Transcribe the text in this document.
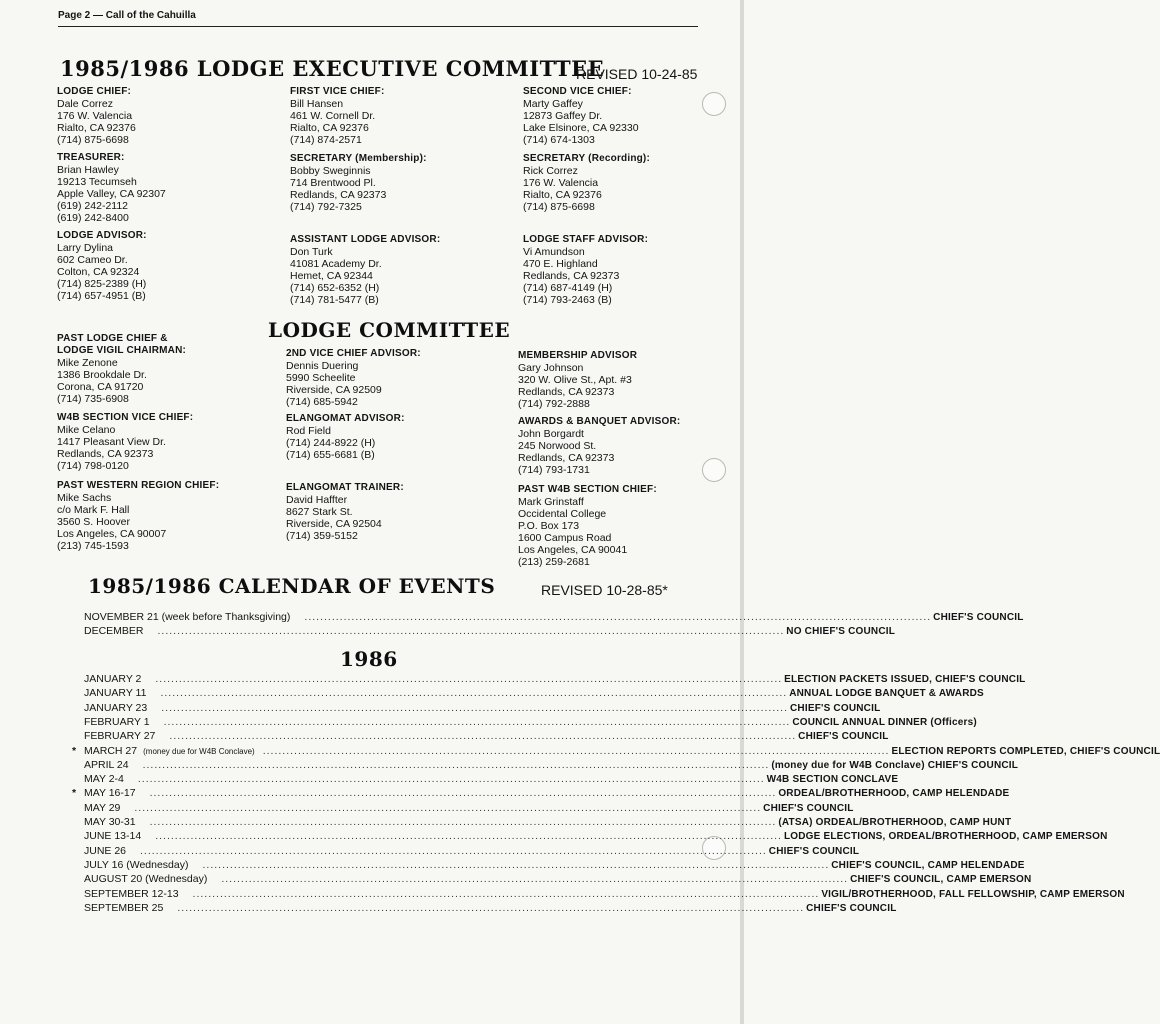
Page 2 — Call of the Cahuilla
1985/1986 LODGE EXECUTIVE COMMITTEE
REVISED 10-24-85
LODGE CHIEF:
Dale Correz
176 W. Valencia
Rialto, CA 92376
(714) 875-6698
FIRST VICE CHIEF:
Bill Hansen
461 W. Cornell Dr.
Rialto, CA 92376
(714) 874-2571
SECOND VICE CHIEF:
Marty Gaffey
12873 Gaffey Dr.
Lake Elsinore, CA 92330
(714) 674-1303
TREASURER:
Brian Hawley
19213 Tecumseh
Apple Valley, CA 92307
(619) 242-2112
(619) 242-8400
SECRETARY (Membership):
Bobby Sweginnis
714 Brentwood Pl.
Redlands, CA 92373
(714) 792-7325
SECRETARY (Recording):
Rick Correz
176 W. Valencia
Rialto, CA 92376
(714) 875-6698
LODGE ADVISOR:
Larry Dylina
602 Cameo Dr.
Colton, CA 92324
(714) 825-2389 (H)
(714) 657-4951 (B)
ASSISTANT LODGE ADVISOR:
Don Turk
41081 Academy Dr.
Hemet, CA 92344
(714) 652-6352 (H)
(714) 781-5477 (B)
LODGE STAFF ADVISOR:
Vi Amundson
470 E. Highland
Redlands, CA 92373
(714) 687-4149 (H)
(714) 793-2463 (B)
LODGE COMMITTEE
PAST LODGE CHIEF &
LODGE VIGIL CHAIRMAN:
Mike Zenone
1386 Brookdale Dr.
Corona, CA 91720
(714) 735-6908
2ND VICE CHIEF ADVISOR:
Dennis Duering
5990 Scheelite
Riverside, CA 92509
(714) 685-5942
MEMBERSHIP ADVISOR
Gary Johnson
320 W. Olive St., Apt. #3
Redlands, CA 92373
(714) 792-2888
W4B SECTION VICE CHIEF:
Mike Celano
1417 Pleasant View Dr.
Redlands, CA 92373
(714) 798-0120
ELANGOMAT ADVISOR:
Rod Field
(714) 244-8922 (H)
(714) 655-6681 (B)
AWARDS & BANQUET ADVISOR:
John Borgardt
245 Norwood St.
Redlands, CA 92373
(714) 793-1731
PAST WESTERN REGION CHIEF:
Mike Sachs
c/o Mark F. Hall
3560 S. Hoover
Los Angeles, CA 90007
(213) 745-1593
ELANGOMAT TRAINER:
David Haffter
8627 Stark St.
Riverside, CA 92504
(714) 359-5152
PAST W4B SECTION CHIEF:
Mark Grinstaff
Occidental College
P.O. Box 173
1600 Campus Road
Los Angeles, CA 90041
(213) 259-2681
1985/1986 CALENDAR OF EVENTS	REVISED 10-28-85*
NOVEMBER 21 (week before Thanksgiving) ................................................................................................................................................................ CHIEF'S COUNCIL
DECEMBER ................................................................................................................................................................ NO CHIEF'S COUNCIL
1986
JANUARY 2 ................................................................................................................................................................ ELECTION PACKETS ISSUED, CHIEF'S COUNCIL
JANUARY 11 ................................................................................................................................................................ ANNUAL LODGE BANQUET & AWARDS
JANUARY 23 ................................................................................................................................................................ CHIEF'S COUNCIL
FEBRUARY 1 ................................................................................................................................................................ COUNCIL ANNUAL DINNER (Officers)
FEBRUARY 27 ................................................................................................................................................................ CHIEF'S COUNCIL
* MARCH 27 (money due for W4B Conclave) ................................................................................................................................................................ ELECTION REPORTS COMPLETED, CHIEF'S COUNCIL
APRIL 24 ................................................................................................................................................................ (money due for W4B Conclave) CHIEF'S COUNCIL
MAY 2-4 ................................................................................................................................................................ W4B SECTION CONCLAVE
* MAY 16-17 ................................................................................................................................................................ ORDEAL/BROTHERHOOD, CAMP HELENDADE
MAY 29 ................................................................................................................................................................ CHIEF'S COUNCIL
MAY 30-31 ................................................................................................................................................................ (ATSA) ORDEAL/BROTHERHOOD, CAMP HUNT
JUNE 13-14 ................................................................................................................................................................ LODGE ELECTIONS, ORDEAL/BROTHERHOOD, CAMP EMERSON
JUNE 26 ................................................................................................................................................................ CHIEF'S COUNCIL
JULY 16 (Wednesday) ................................................................................................................................................................ CHIEF'S COUNCIL, CAMP HELENDADE
AUGUST 20 (Wednesday) ................................................................................................................................................................ CHIEF'S COUNCIL, CAMP EMERSON
SEPTEMBER 12-13 ................................................................................................................................................................ VIGIL/BROTHERHOOD, FALL FELLOWSHIP, CAMP EMERSON
SEPTEMBER 25 ................................................................................................................................................................ CHIEF'S COUNCIL
